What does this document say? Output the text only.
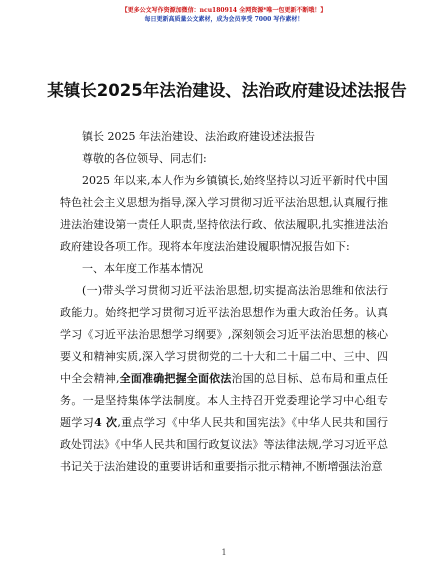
【更多公文写作资源加微信：ncu180914 全网资源*唯一包更新不断哦！】
每日更新高质量公文素材，成为会员享受 7000 写作素材！
某镇长2025年法治建设、法治政府建设述法报告

镇长 2025 年法治建设、法治政府建设述法报告

尊敬的各位领导、同志们:

2025 年以来,本人作为乡镇镇长,始终坚持以习近平新时代中国特色社会主义思想为指导,深入学习贯彻习近平法治思想,认真履行推进法治建设第一责任人职责,坚持依法行政、依法履职,扎实推进法治政府建设各项工作。现将本年度法治建设履职情况报告如下:

一、本年度工作基本情况

(一)带头学习贯彻习近平法治思想,切实提高法治思维和依法行政能力。始终把学习贯彻习近平法治思想作为重大政治任务。认真学习《习近平法治思想学习纲要》,深刻领会习近平法治思想的核心要义和精神实质,深入学习贯彻党的二十大和二十届二中、三中、四中全会精神,全面准确把握全面依法治国的总目标、总布局和重点任务。一是坚持集体学法制度。本人主持召开党委理论学习中心组专题学习4 次,重点学习《中华人民共和国宪法》《中华人民共和国行政处罚法》《中华人民共和国行政复议法》等法律法规,学习习近平总书记关于法治建设的重要讲话和重要指示批示精神,不断增强法治意

1
